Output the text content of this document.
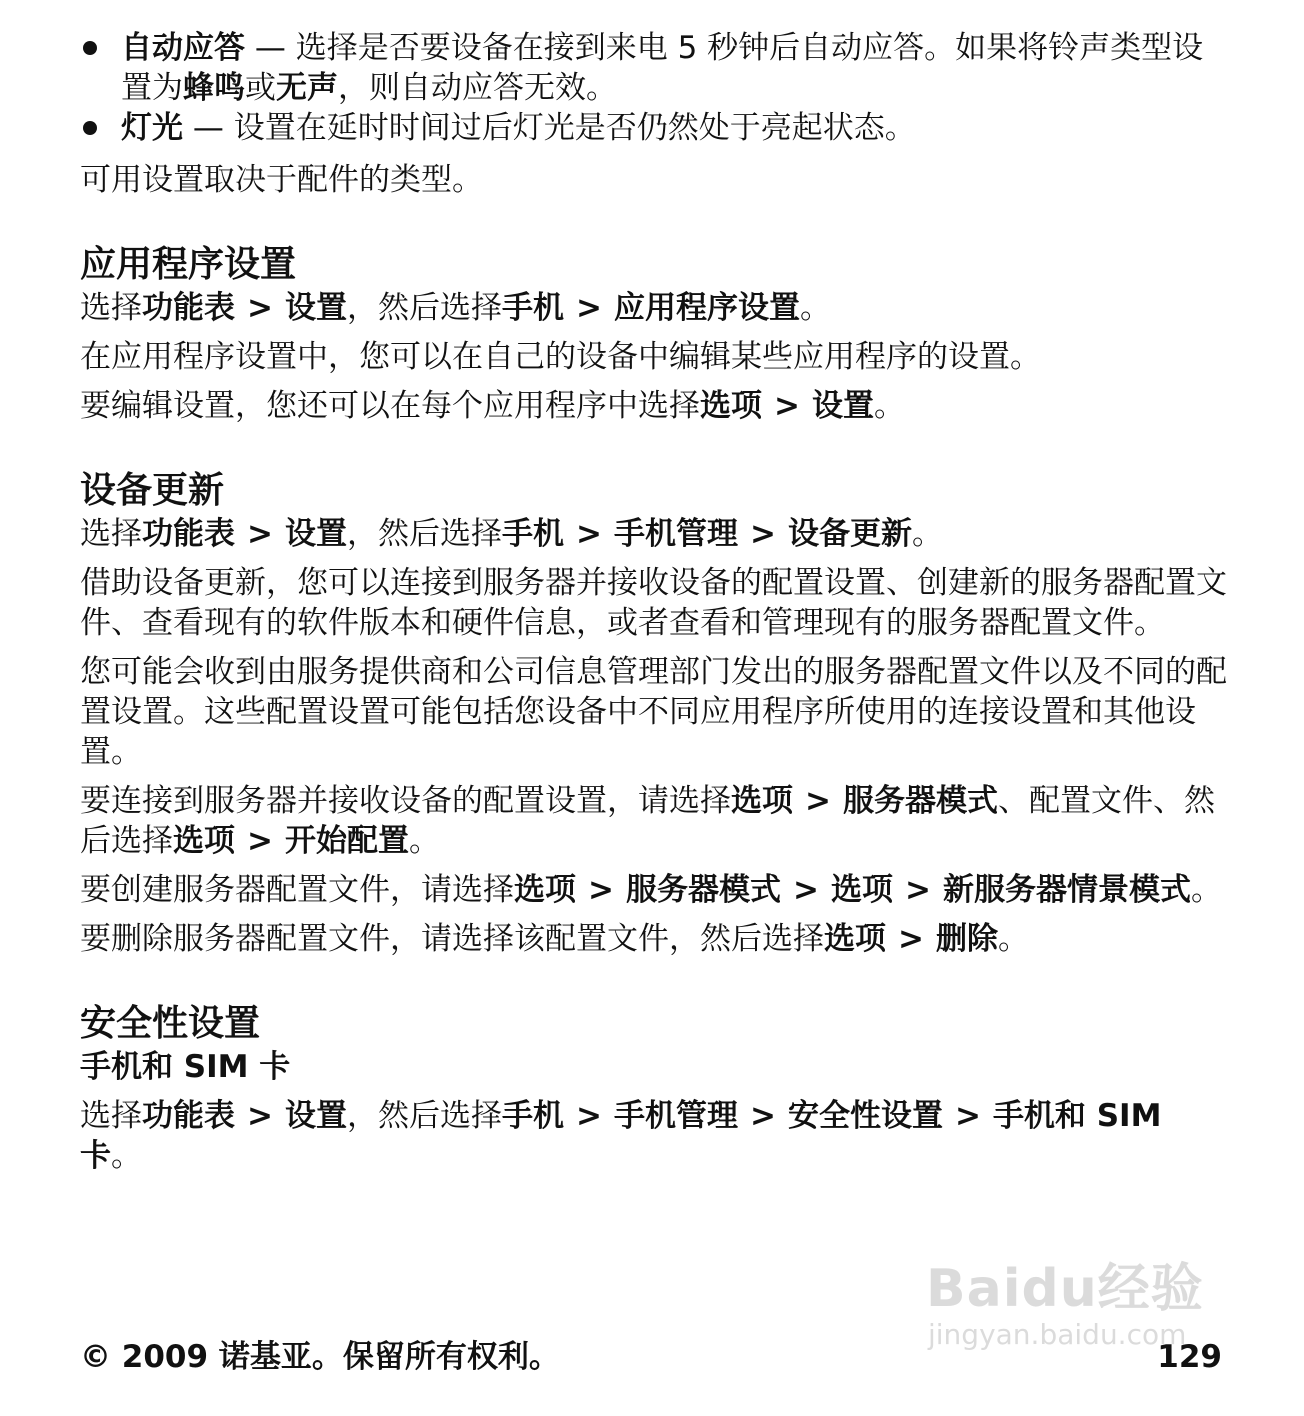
自动应答 — 选择是否要设备在接到来电 5 秒钟后自动应答。如果将铃声类型设置为蜂鸣或无声，则自动应答无效。
灯光 — 设置在延时时间过后灯光是否仍然处于亮起状态。

可用设置取决于配件的类型。

应用程序设置

选择功能表 > 设置，然后选择手机 > 应用程序设置。

在应用程序设置中，您可以在自己的设备中编辑某些应用程序的设置。

要编辑设置，您还可以在每个应用程序中选择选项 > 设置。

设备更新

选择功能表 > 设置，然后选择手机 > 手机管理 > 设备更新。

借助设备更新，您可以连接到服务器并接收设备的配置设置、创建新的服务器配置文件、查看现有的软件版本和硬件信息，或者查看和管理现有的服务器配置文件。

您可能会收到由服务提供商和公司信息管理部门发出的服务器配置文件以及不同的配置设置。这些配置设置可能包括您设备中不同应用程序所使用的连接设置和其他设置。

要连接到服务器并接收设备的配置设置，请选择选项 > 服务器模式、配置文件、然后选择选项 > 开始配置。

要创建服务器配置文件，请选择选项 > 服务器模式 > 选项 > 新服务器情景模式。

要删除服务器配置文件，请选择该配置文件，然后选择选项 > 删除。

安全性设置
手机和 SIM 卡

选择功能表 > 设置，然后选择手机 > 手机管理 > 安全性设置 > 手机和 SIM 卡。

Baidu经验
jingyan.baidu.com
© 2009 诺基亚。保留所有权利。	129
